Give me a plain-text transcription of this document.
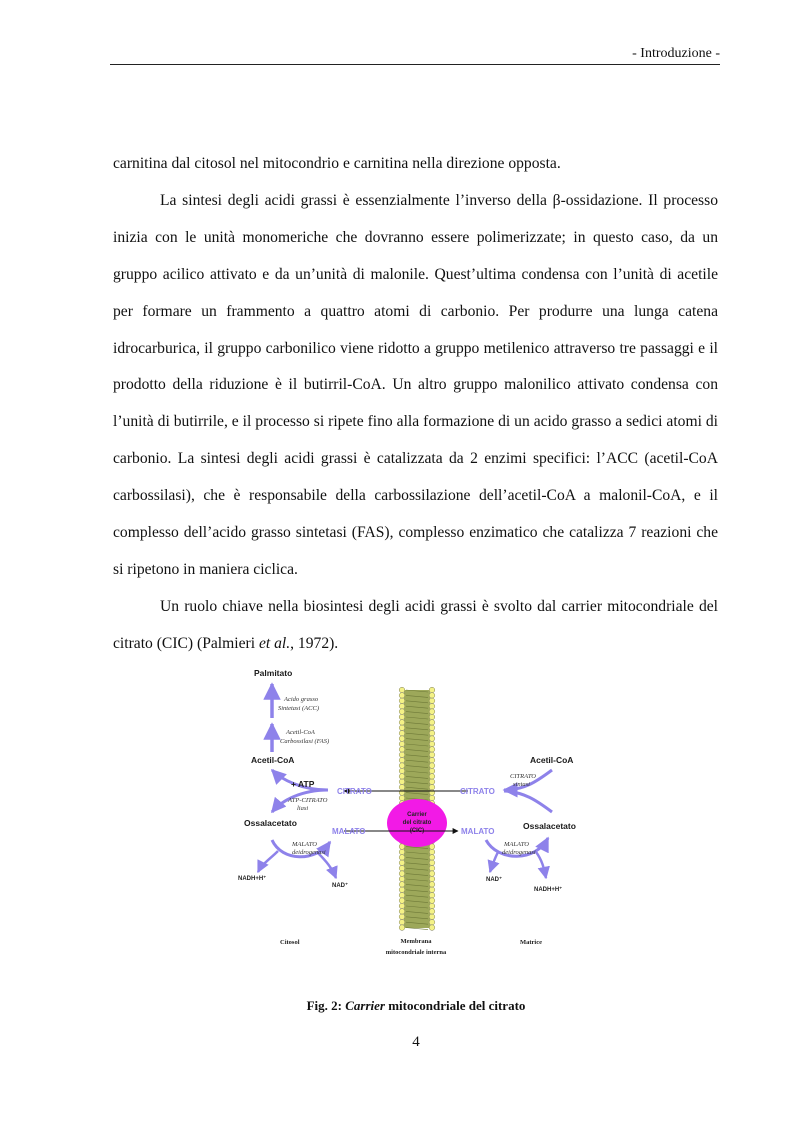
- Introduzione -

carnitina dal citosol nel mitocondrio e carnitina nella direzione opposta.

La sintesi degli acidi grassi è essenzialmente l’inverso della β-ossidazione. Il processo inizia con le unità monomeriche che dovranno essere polimerizzate; in questo caso, da un gruppo acilico attivato e da un’unità di malonile. Quest’ultima condensa con l’unità di acetile per formare un frammento a quattro atomi di carbonio. Per produrre una lunga catena idrocarburica, il gruppo carbonilico viene ridotto a gruppo metilenico attraverso tre passaggi e il prodotto della riduzione è il butirril-CoA. Un altro gruppo malonilico attivato condensa con l’unità di butirrile, e il processo si ripete fino alla formazione di un acido grasso a sedici atomi di carbonio. La sintesi degli acidi grassi è catalizzata da 2 enzimi specifici: l’ACC (acetil-CoA carbossilasi), che è responsabile della carbossilazione dell’acetil-CoA a malonil-CoA, e il complesso dell’acido grasso sintetasi (FAS), complesso enzimatico che catalizza 7 reazioni che si ripetono in maniera ciclica.

Un ruolo chiave nella biosintesi degli acidi grassi è svolto dal carrier mitocondriale del citrato (CIC) (Palmieri et al., 1972).

Carrier
del citrato
(CIC)
Palmitato
Acido grasso
Sintetasi (ACC)
Acetil-CoA
Carbossilasi (FAS)
Acetil-CoA
+ ATP
CITRATO
ATP-CITRATO
liasi
Ossalacetato
MALATO
MALATO
deidrogenasi
NADH+H⁺
NAD⁺
Acetil-CoA
CITRATO
CITRATO
sintasi
MALATO
Ossalacetato
MALATO
deidrogenasi
NAD⁺
NADH+H⁺
Citosol	Membrana
mitocondriale interna
Matrice
Fig. 2: Carrier mitocondriale del citrato
4
